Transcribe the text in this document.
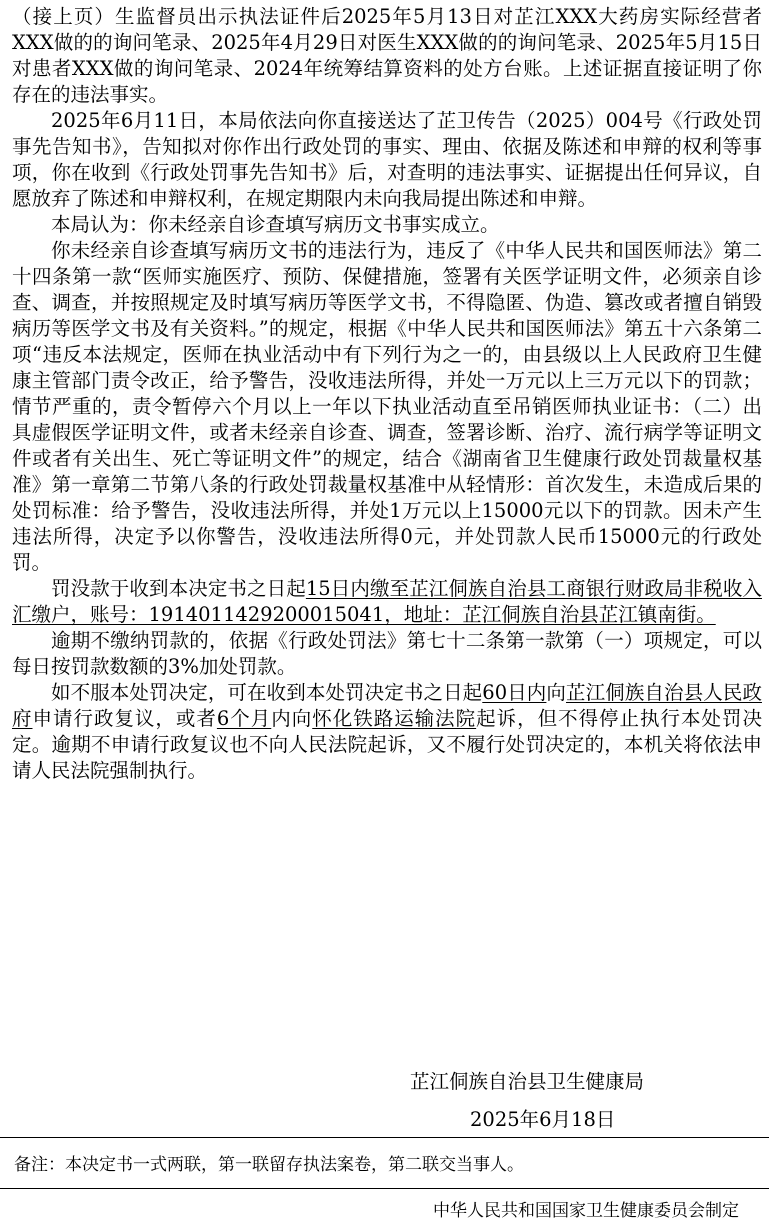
（接上页）生监督员出示执法证件后2025年5月13日对芷江XXX大药房实际经营者XXX做的的询问笔录、2025年4月29日对医生XXX做的的询问笔录、2025年5月15日对患者XXX做的询问笔录、2024年统筹结算资料的处方台账。上述证据直接证明了你存在的违法事实。

2025年6月11日，本局依法向你直接送达了芷卫传告（2025）004号《行政处罚事先告知书》，告知拟对你作出行政处罚的事实、理由、依据及陈述和申辩的权利等事项，你在收到《行政处罚事先告知书》后，对查明的违法事实、证据提出任何异议，自愿放弃了陈述和申辩权利，在规定期限内未向我局提出陈述和申辩。

本局认为：你未经亲自诊查填写病历文书事实成立。

你未经亲自诊查填写病历文书的违法行为，违反了《中华人民共和国医师法》第二十四条第一款“医师实施医疗、预防、保健措施，签署有关医学证明文件，必须亲自诊查、调查，并按照规定及时填写病历等医学文书，不得隐匿、伪造、篡改或者擅自销毁病历等医学文书及有关资料。”的规定，根据《中华人民共和国医师法》第五十六条第二项“违反本法规定，医师在执业活动中有下列行为之一的，由县级以上人民政府卫生健康主管部门责令改正，给予警告，没收违法所得，并处一万元以上三万元以下的罚款；情节严重的，责令暂停六个月以上一年以下执业活动直至吊销医师执业证书：（二）出具虚假医学证明文件，或者未经亲自诊查、调查，签署诊断、治疗、流行病学等证明文件或者有关出生、死亡等证明文件”的规定，结合《湖南省卫生健康行政处罚裁量权基准》第一章第二节第八条的行政处罚裁量权基准中从轻情形：首次发生，未造成后果的处罚标准：给予警告，没收违法所得，并处1万元以上15000元以下的罚款。因未产生违法所得，决定予以你警告，没收违法所得0元，并处罚款人民币15000元的行政处罚。

罚没款于收到本决定书之日起15日内缴至芷江侗族自治县工商银行财政局非税收入汇缴户，账号：1914011429200015041，地址：芷江侗族自治县芷江镇南街。

逾期不缴纳罚款的，依据《行政处罚法》第七十二条第一款第（一）项规定，可以每日按罚款数额的3%加处罚款。

如不服本处罚决定，可在收到本处罚决定书之日起60日内向芷江侗族自治县人民政府申请行政复议，或者6个月内向怀化铁路运输法院起诉，但不得停止执行本处罚决定。逾期不申请行政复议也不向人民法院起诉，又不履行处罚决定的，本机关将依法申请人民法院强制执行。

芷江侗族自治县卫生健康局
2025年6月18日
备注：本决定书一式两联，第一联留存执法案卷，第二联交当事人。
中华人民共和国国家卫生健康委员会制定
